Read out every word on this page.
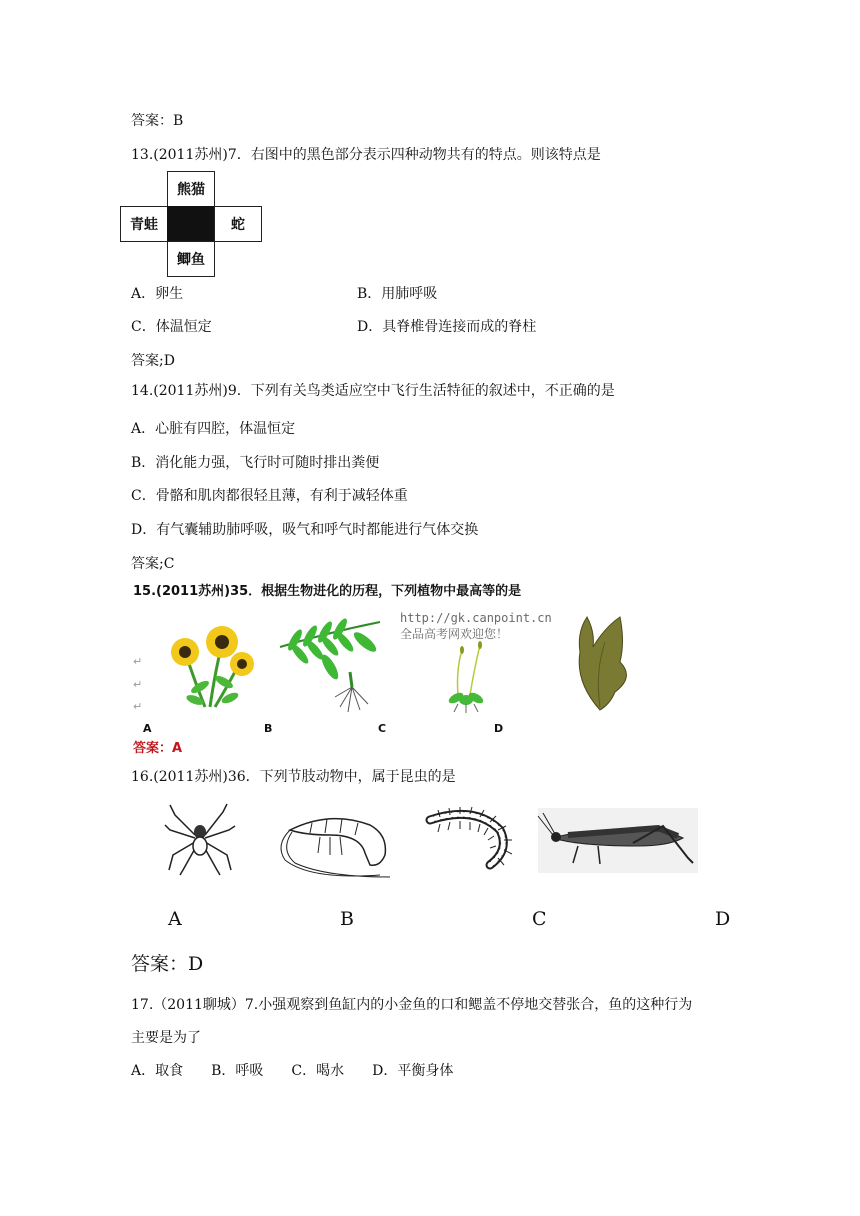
答案：B
13.(2011苏州)7．右图中的黑色部分表示四种动物共有的特点。则该特点是
熊猫
青蛙	蛇
鲫鱼
A．卵生	B．用肺呼吸
C．体温恒定	D．具脊椎骨连接而成的脊柱
答案;D
14.(2011苏州)9．下列有关鸟类适应空中飞行生活特征的叙述中，不正确的是
A．心脏有四腔，体温恒定
B．消化能力强，飞行时可随时排出粪便
C．骨骼和肌肉都很轻且薄，有利于减轻体重
D．有气囊辅助肺呼吸，吸气和呼气时都能进行气体交换
答案;C
15.(2011苏州)35．根据生物进化的历程，下列植物中最高等的是
http://gk.canpoint.cn
全品高考网欢迎您！
↵
↵
↵
A	B	C	D
答案：A
16.(2011苏州)36．下列节肢动物中，属于昆虫的是
A	B	C	D
答案：D
17.（2011聊城）7.小强观察到鱼缸内的小金鱼的口和鳃盖不停地交替张合，鱼的这种行为
主要是为了
A．取食　　B．呼吸　　C．喝水　　D．平衡身体
